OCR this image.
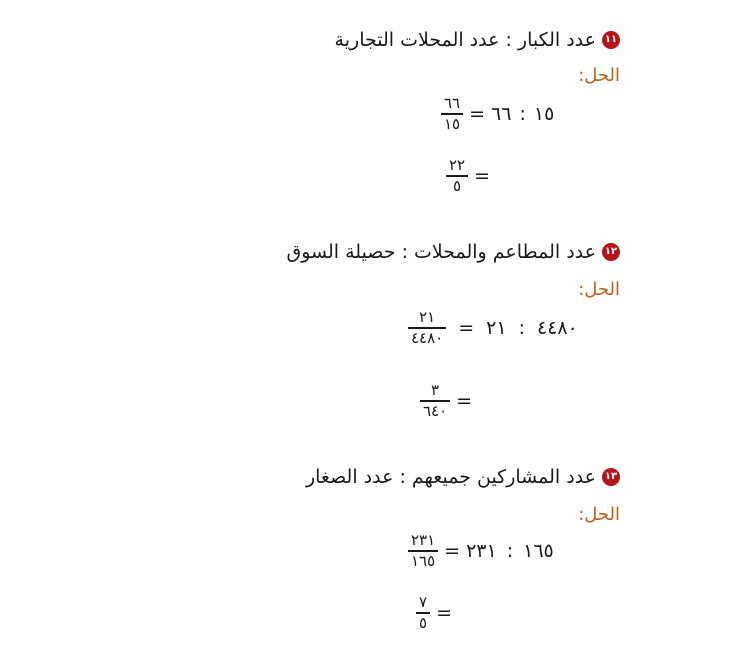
١١
عدد الكبار : عدد المحلات التجارية
الحل:
$\frac{٦٦}{١٥}$ = ٦٦ : ١٥
$\frac{٢٢}{٥}$ =
١٢
عدد المطاعم والمحلات : حصيلة السوق
الحل:
$\frac{٢١}{٤٤٨٠}$ = ٢١ : ٤٤٨٠
$\frac{٣}{٦٤٠}$ =
١٣
عدد المشاركين جميعهم : عدد الصغار
الحل:
$\frac{٢٣١}{١٦٥}$ = ٢٣١ : ١٦٥
$\frac{٧}{٥}$ =
